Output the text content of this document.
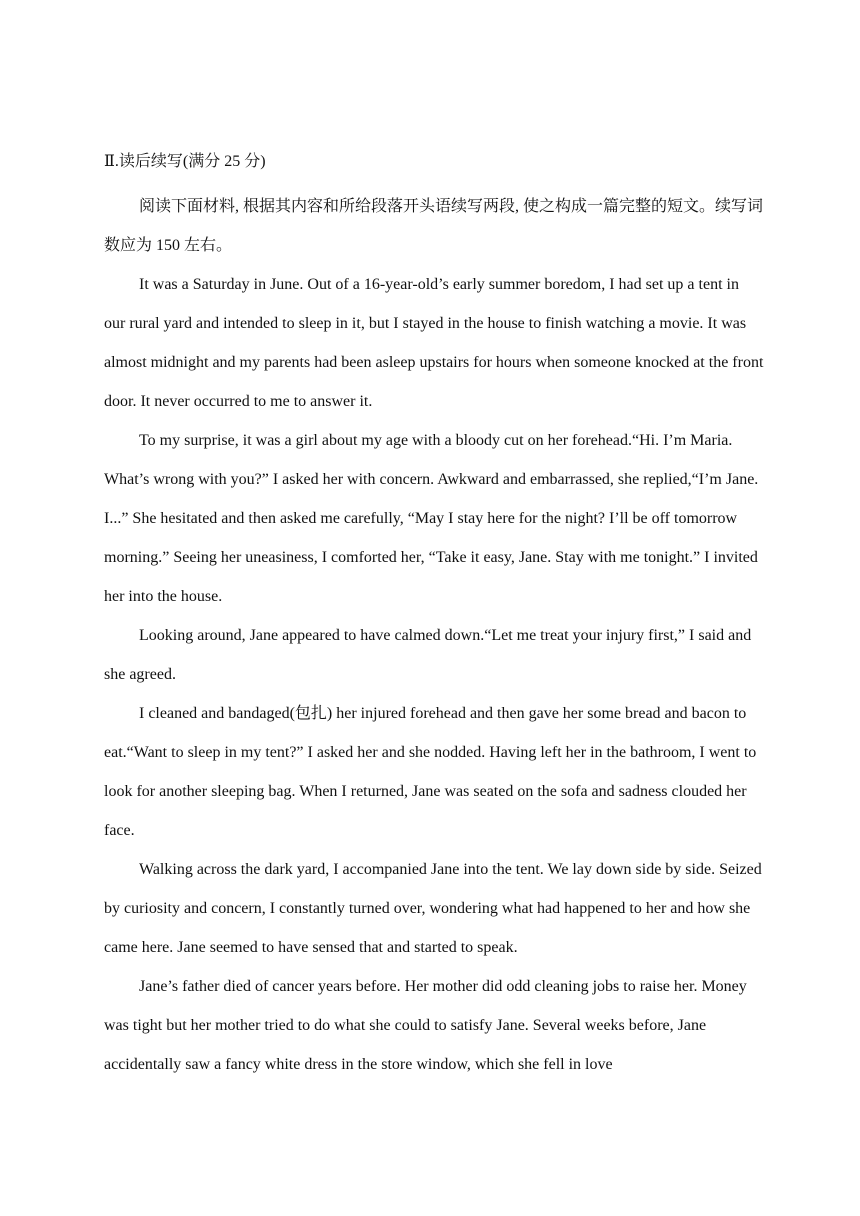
Ⅱ.读后续写(满分 25 分)

阅读下面材料, 根据其内容和所给段落开头语续写两段, 使之构成一篇完整的短文。续写词数应为 150 左右。

It was a Saturday in June. Out of a 16-year-old’s early summer boredom, I had set up a tent in our rural yard and intended to sleep in it, but I stayed in the house to finish watching a movie. It was almost midnight and my parents had been asleep upstairs for hours when someone knocked at the front door. It never occurred to me to answer it.

To my surprise, it was a girl about my age with a bloody cut on her forehead.“Hi. I’m Maria. What’s wrong with you?” I asked her with concern. Awkward and embarrassed, she replied,“I’m Jane. I...” She hesitated and then asked me carefully, “May I stay here for the night? I’ll be off tomorrow morning.” Seeing her uneasiness, I comforted her, “Take it easy, Jane. Stay with me tonight.” I invited her into the house.

Looking around, Jane appeared to have calmed down.“Let me treat your injury first,” I said and she agreed.

I cleaned and bandaged(包扎) her injured forehead and then gave her some bread and bacon to eat.“Want to sleep in my tent?” I asked her and she nodded. Having left her in the bathroom, I went to look for another sleeping bag. When I returned, Jane was seated on the sofa and sadness clouded her face.

Walking across the dark yard, I accompanied Jane into the tent. We lay down side by side. Seized by curiosity and concern, I constantly turned over, wondering what had happened to her and how she came here. Jane seemed to have sensed that and started to speak.

Jane’s father died of cancer years before. Her mother did odd cleaning jobs to raise her. Money was tight but her mother tried to do what she could to satisfy Jane. Several weeks before, Jane accidentally saw a fancy white dress in the store window, which she fell in love
